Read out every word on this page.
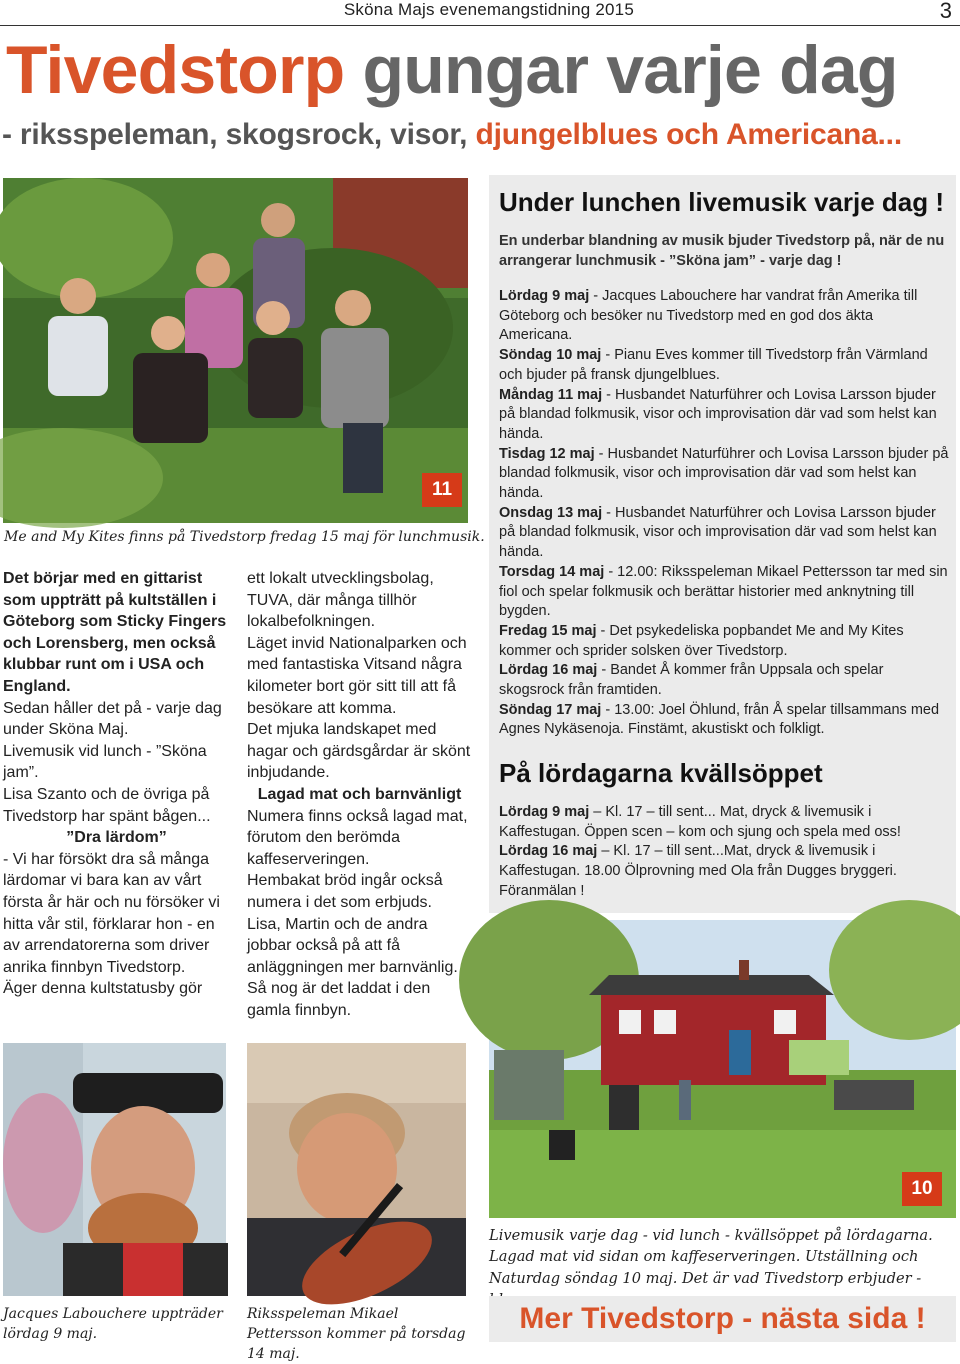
Sköna Majs evenemangstidning 2015	3
Tivedstorp gungar varje dag
- riksspeleman, skogsrock, visor, djungelblues och Americana...
11
Me and My Kites finns på Tivedstorp fredag 15 maj för lunchmusik.

Det börjar med en gittarist som uppträtt på kultställen i Göteborg som Sticky Fingers och Lorensberg, men också klubbar runt om i USA och England.

Sedan håller det på - varje dag under Sköna Maj.

Livemusik vid lunch - ”Sköna jam”.

Lisa Szanto och de övriga på Tivedstorp har spänt bågen...

”Dra lärdom”

- Vi har försökt dra så många lärdomar vi bara kan av vårt första år här och nu försöker vi hitta vår stil, förklarar hon - en av arrendatorerna som driver anrika finnbyn Tivedstorp.

Äger denna kultstatusby gör

ett lokalt utvecklingsbolag, TUVA, där många tillhör lokalbefolkningen.

Läget invid Nationalparken och med fantastiska Vitsand några kilometer bort gör sitt till att få besökare att komma.

Det mjuka landskapet med hagar och gärdsgårdar är skönt inbjudande.

Lagad mat och barnvänligt

Numera finns också lagad mat, förutom den berömda kaffeserveringen.

Hembakat bröd ingår också numera i det som erbjuds.

Lisa, Martin och de andra jobbar också på att få anläggningen mer barnvänlig.

Så nog är det laddat i den gamla finnbyn.

Under lunchen livemusik varje dag !
En underbar blandning av musik bjuder Tivedstorp på, när de nu arrangerar lunchmusik - ”Sköna jam” - varje dag !
Lördag 9 maj - Jacques Labouchere har vandrat från Amerika till Göteborg och besöker nu Tivedstorp med en god dos äkta Americana.
Söndag 10 maj - Pianu Eves kommer till Tivedstorp från Värmland och bjuder på fransk djungelblues.
Måndag 11 maj - Husbandet Naturführer och Lovisa Larsson bjuder på blandad folkmusik, visor och improvisation där vad som helst kan hända.
Tisdag 12 maj - Husbandet Naturführer och Lovisa Larsson bjuder på blandad folkmusik, visor och improvisation där vad som helst kan hända.
Onsdag 13 maj - Husbandet Naturführer och Lovisa Larsson bjuder på blandad folkmusik, visor och improvisation där vad som helst kan hända.
Torsdag 14 maj - 12.00: Riksspeleman Mikael Pettersson tar med sin fiol och spelar folkmusik och berättar historier med anknytning till bygden.
Fredag 15 maj - Det psykedeliska popbandet Me and My Kites kommer och sprider solsken över Tivedstorp.
Lördag 16 maj - Bandet Å kommer från Uppsala och spelar skogsrock från framtiden.
Söndag 17 maj - 13.00: Joel Öhlund, från Å spelar tillsammans med Agnes Nykäsenoja. Finstämt, akustiskt och folkligt.
På lördagarna kvällsöppet
Lördag 9 maj – Kl. 17 – till sent... Mat, dryck & livemusik i Kaffestugan. Öppen scen – kom och sjung och spela med oss!
Lördag 16 maj – Kl. 17 – till sent...Mat, dryck & livemusik i Kaffestugan. 18.00 Ölprovning med Ola från Dugges bryggeri. Föranmälan !
10
Livemusik varje dag - vid lunch - kvällsöppet på lördagarna. Lagad mat vid sidan om kaffeserveringen. Utställning och Naturdag söndag 10 maj. Det är vad Tivedstorp erbjuder -
Jacques Labouchere uppträder lördag 9 maj.
Riksspeleman Mikael Pettersson kommer på torsdag 14 maj.
Mer Tivedstorp - nästa sida !
